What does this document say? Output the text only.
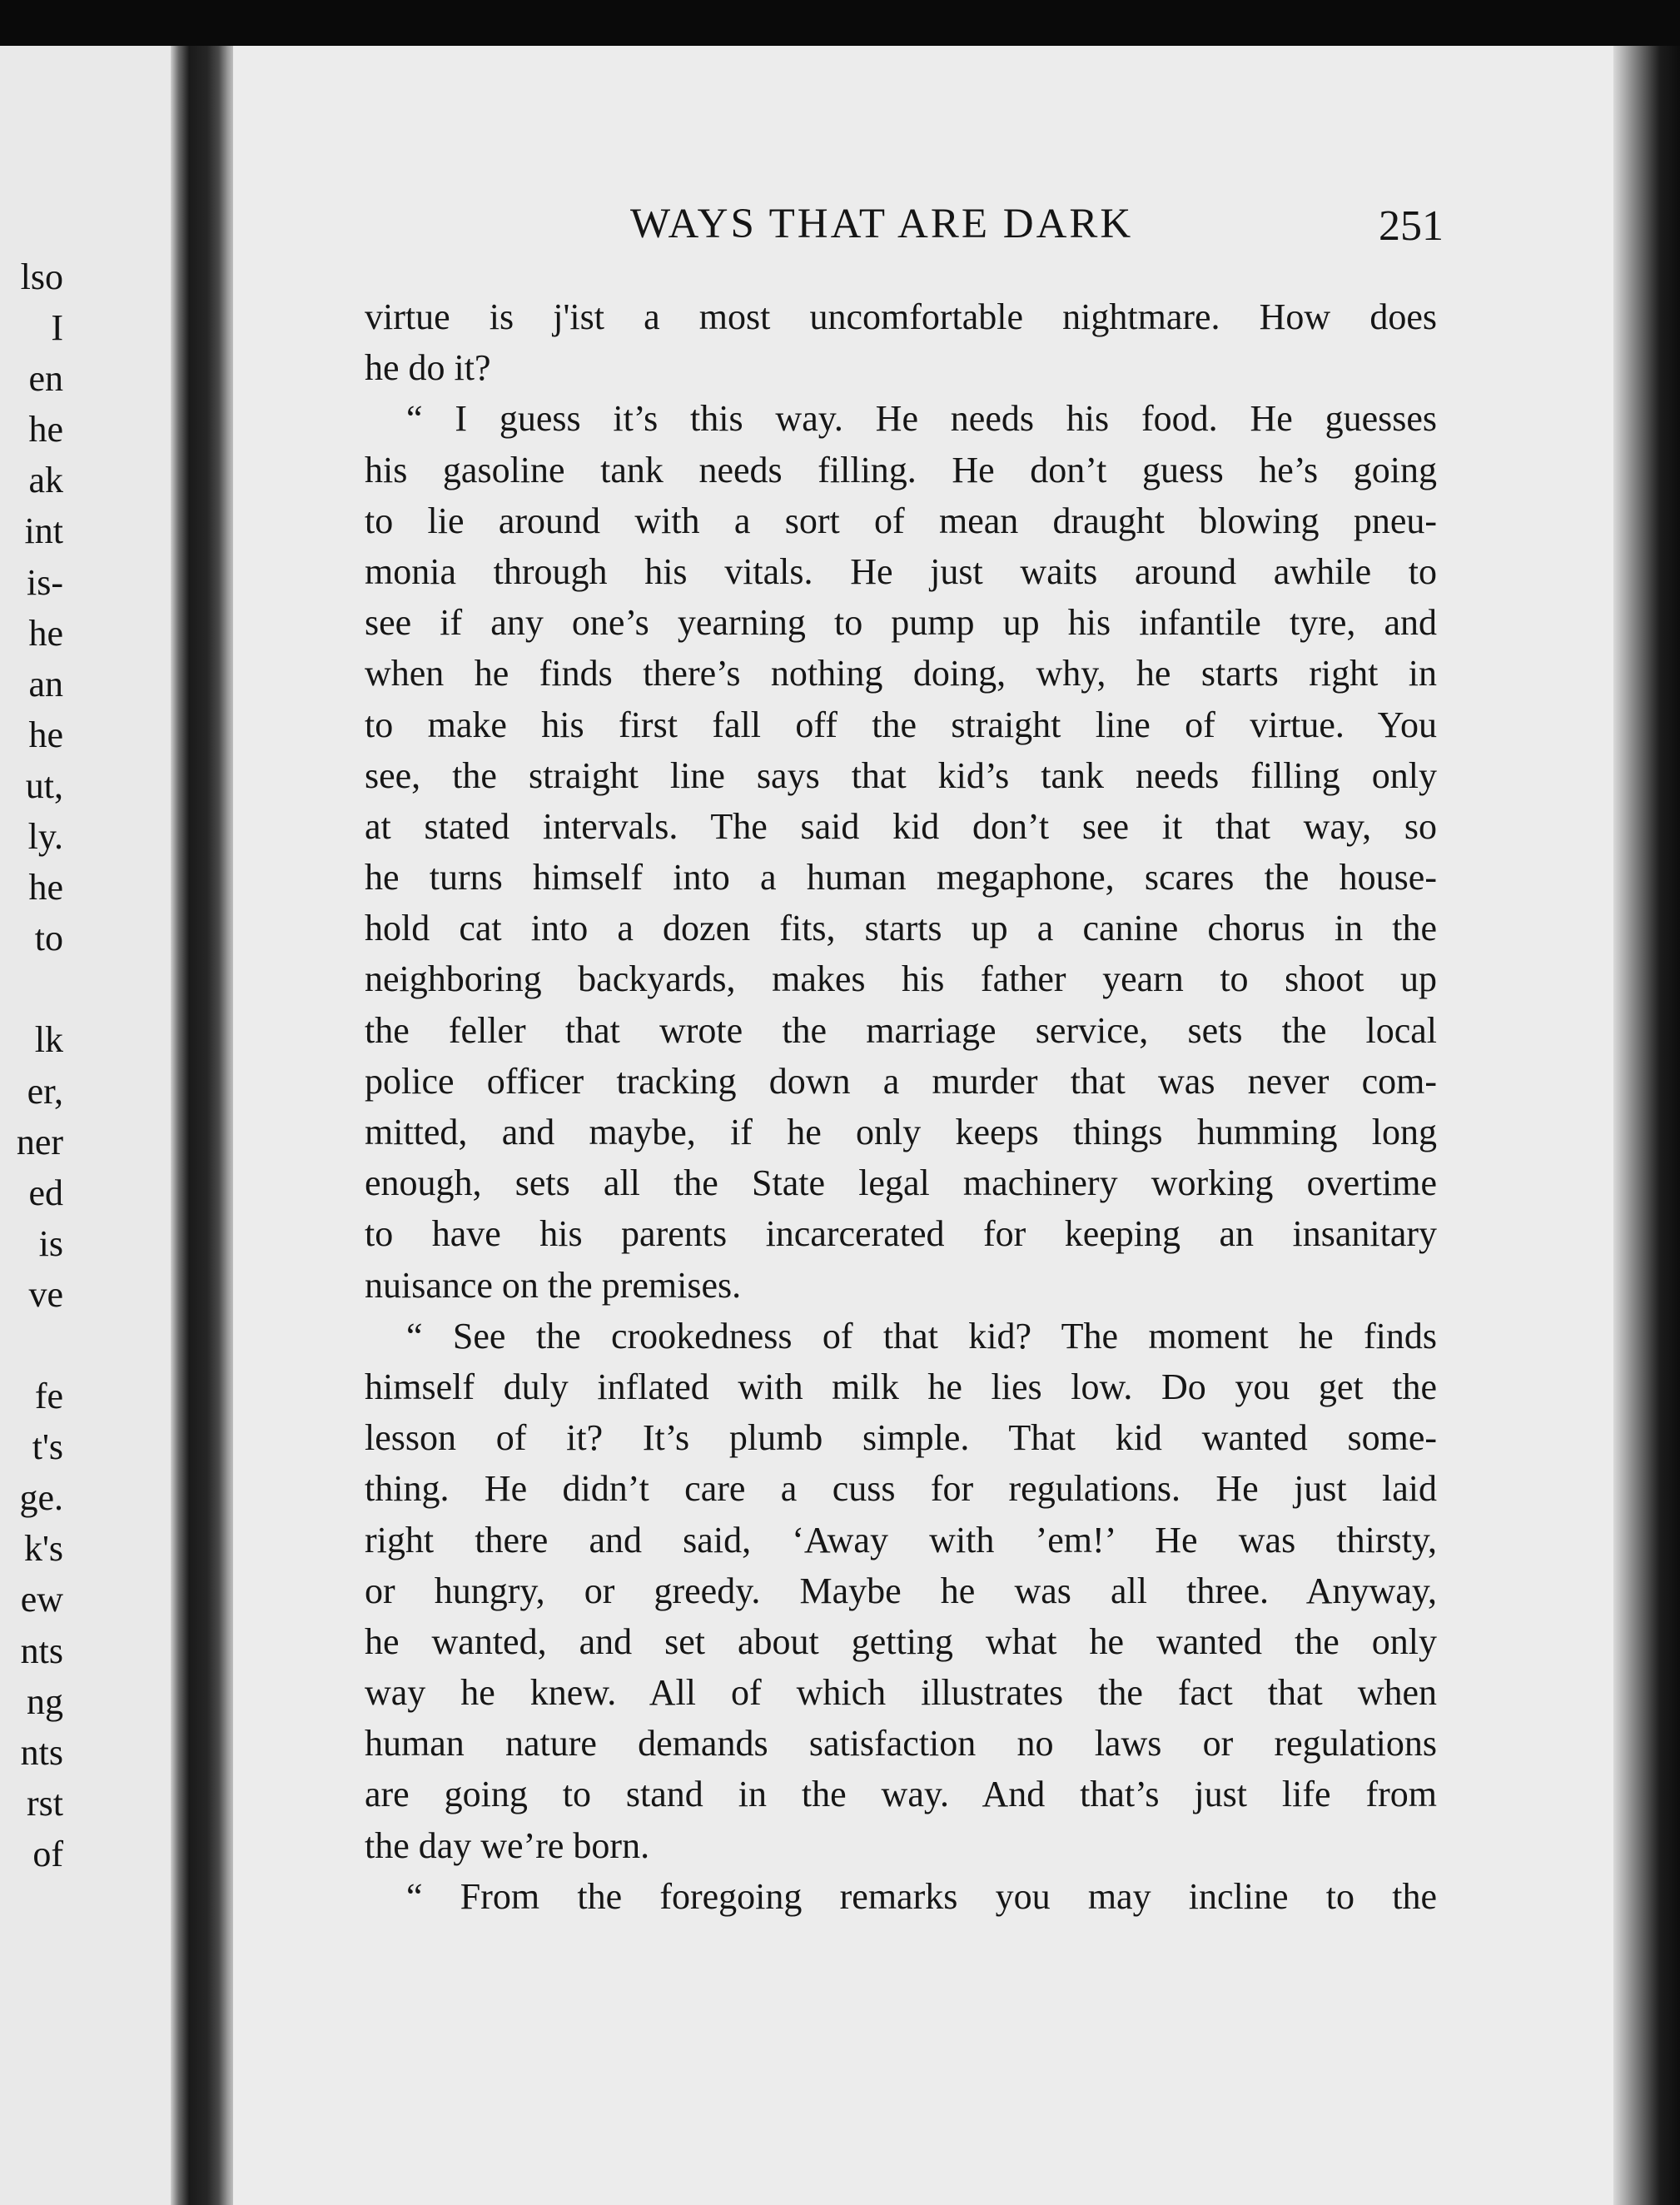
lso
I
en
he
ak
int
is-
he
an
he
ut,
ly.
he
to
lk
er,
ner
ed
is
ve
fe
t's
ge.
k's
ew
nts
ng
nts
rst
of
WAYS THAT ARE DARK	251
virtue is j'ist a most uncomfortable nightmare. How does
he do it?
“ I guess it’s this way. He needs his food. He guesses
his gasoline tank needs filling. He don’t guess he’s going
to lie around with a sort of mean draught blowing pneu-
monia through his vitals. He just waits around awhile to
see if any one’s yearning to pump up his infantile tyre, and
when he finds there’s nothing doing, why, he starts right in
to make his first fall off the straight line of virtue. You
see, the straight line says that kid’s tank needs filling only
at stated intervals. The said kid don’t see it that way, so
he turns himself into a human megaphone, scares the house-
hold cat into a dozen fits, starts up a canine chorus in the
neighboring backyards, makes his father yearn to shoot up
the feller that wrote the marriage service, sets the local
police officer tracking down a murder that was never com-
mitted, and maybe, if he only keeps things humming long
enough, sets all the State legal machinery working overtime
to have his parents incarcerated for keeping an insanitary
nuisance on the premises.
“ See the crookedness of that kid? The moment he finds
himself duly inflated with milk he lies low. Do you get the
lesson of it? It’s plumb simple. That kid wanted some-
thing. He didn’t care a cuss for regulations. He just laid
right there and said, ‘Away with ’em!’ He was thirsty,
or hungry, or greedy. Maybe he was all three. Anyway,
he wanted, and set about getting what he wanted the only
way he knew. All of which illustrates the fact that when
human nature demands satisfaction no laws or regulations
are going to stand in the way. And that’s just life from
the day we’re born.
“ From the foregoing remarks you may incline to the
